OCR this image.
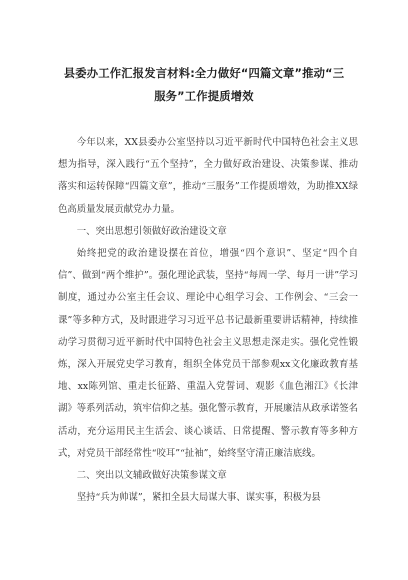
县委办工作汇报发言材料:全力做好“四篇文章”推动“三
服务”工作提质增效

今年以来，XX县委办公室坚持以习近平新时代中国特色社会主义思想为指导，深入践行“五个坚持”，全力做好政治建设、决策参谋、推动落实和运转保障“四篇文章”，推动“三服务”工作提质增效，为助推XX绿色高质量发展贡献党办力量。

一、突出思想引领做好政治建设文章

始终把党的政治建设摆在首位，增强“四个意识”、坚定“四个自信”、做到“两个维护”。强化理论武装，坚持“每周一学、每月一讲”学习制度，通过办公室主任会议、理论中心组学习会、工作例会、“三会一课”等多种方式，及时跟进学习习近平总书记最新重要讲话精神，持续推动学习贯彻习近平新时代中国特色社会主义思想走深走实。强化党性锻炼，深入开展党史学习教育，组织全体党员干部参观xx文化廉政教育基地、xx陈列馆、重走长征路、重温入党誓词、观影《血色湘江》《长津湖》等系列活动，筑牢信仰之基。强化警示教育，开展廉洁从政承诺签名活动，充分运用民主生活会、谈心谈话、日常提醒、警示教育等多种方式，对党员干部经常性“咬耳”“扯袖”，始终坚守清正廉洁底线。

二、突出以文辅政做好决策参谋文章

坚持“兵为帅谋”，紧扣全县大局谋大事、谋实事，积极为县
